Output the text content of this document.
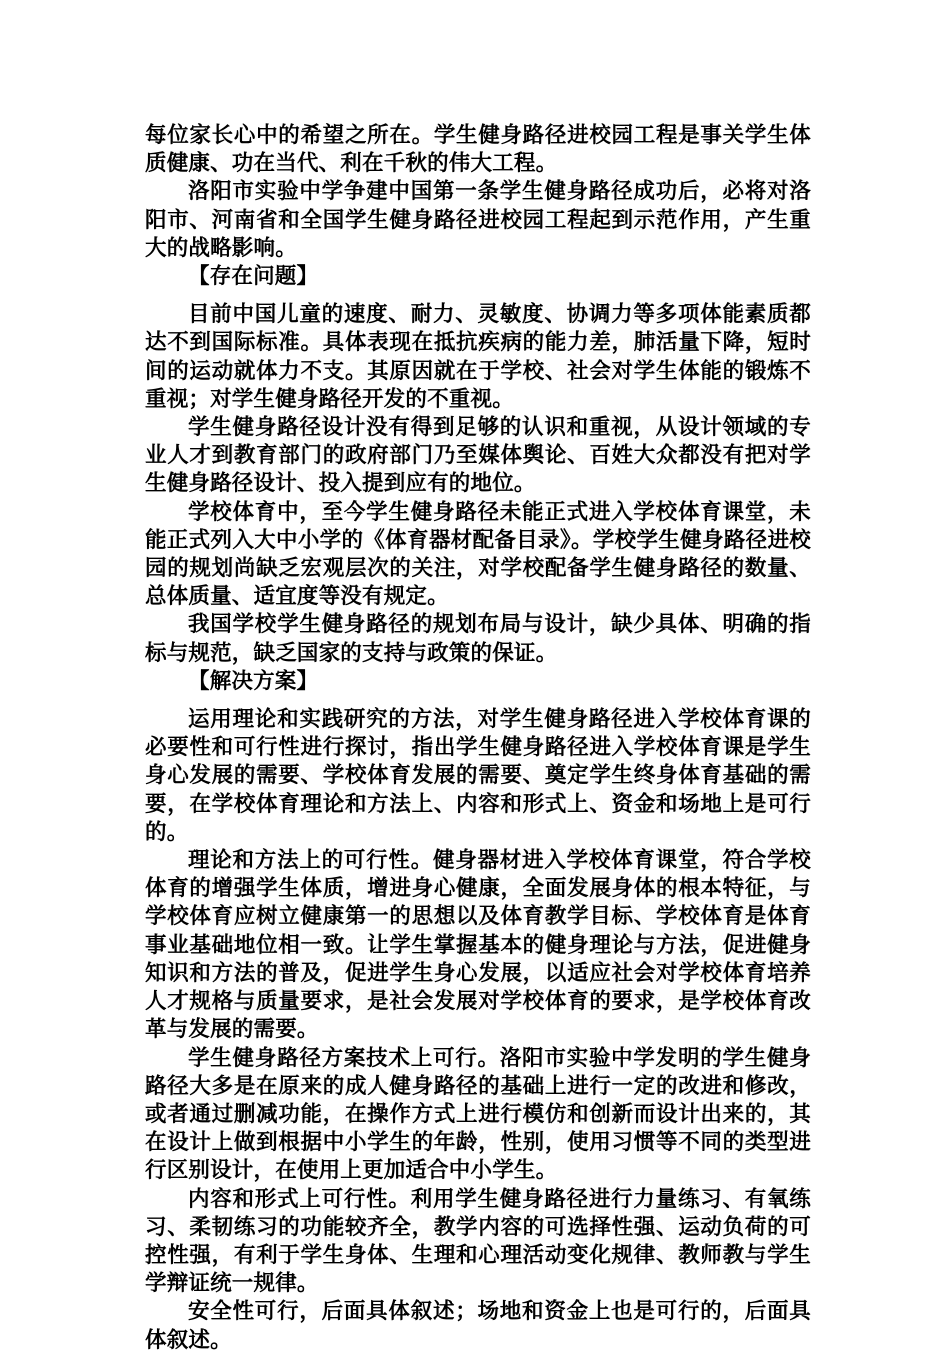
每位家长心中的希望之所在。学生健身路径进校园工程是事关学生体质健康、功在当代、利在千秋的伟大工程。

洛阳市实验中学争建中国第一条学生健身路径成功后，必将对洛阳市、河南省和全国学生健身路径进校园工程起到示范作用，产生重大的战略影响。

【存在问题】

目前中国儿童的速度、耐力、灵敏度、协调力等多项体能素质都达不到国际标准。具体表现在抵抗疾病的能力差，肺活量下降，短时间的运动就体力不支。其原因就在于学校、社会对学生体能的锻炼不重视；对学生健身路径开发的不重视。

学生健身路径设计没有得到足够的认识和重视，从设计领域的专业人才到教育部门的政府部门乃至媒体舆论、百姓大众都没有把对学生健身路径设计、投入提到应有的地位。

学校体育中，至今学生健身路径未能正式进入学校体育课堂，未能正式列入大中小学的《体育器材配备目录》。学校学生健身路径进校园的规划尚缺乏宏观层次的关注，对学校配备学生健身路径的数量、总体质量、适宜度等没有规定。

我国学校学生健身路径的规划布局与设计，缺少具体、明确的指标与规范，缺乏国家的支持与政策的保证。

【解决方案】

运用理论和实践研究的方法，对学生健身路径进入学校体育课的必要性和可行性进行探讨，指出学生健身路径进入学校体育课是学生身心发展的需要、学校体育发展的需要、奠定学生终身体育基础的需要，在学校体育理论和方法上、内容和形式上、资金和场地上是可行的。

理论和方法上的可行性。健身器材进入学校体育课堂，符合学校体育的增强学生体质，增进身心健康，全面发展身体的根本特征，与学校体育应树立健康第一的思想以及体育教学目标、学校体育是体育事业基础地位相一致。让学生掌握基本的健身理论与方法，促进健身知识和方法的普及，促进学生身心发展，以适应社会对学校体育培养人才规格与质量要求，是社会发展对学校体育的要求，是学校体育改革与发展的需要。

学生健身路径方案技术上可行。洛阳市实验中学发明的学生健身路径大多是在原来的成人健身路径的基础上进行一定的改进和修改，或者通过删减功能，在操作方式上进行模仿和创新而设计出来的，其在设计上做到根据中小学生的年龄，性别，使用习惯等不同的类型进行区别设计，在使用上更加适合中小学生。

内容和形式上可行性。利用学生健身路径进行力量练习、有氧练习、柔韧练习的功能较齐全，教学内容的可选择性强、运动负荷的可控性强，有利于学生身体、生理和心理活动变化规律、教师教与学生学辩证统一规律。

安全性可行，后面具体叙述；场地和资金上也是可行的，后面具体叙述。
